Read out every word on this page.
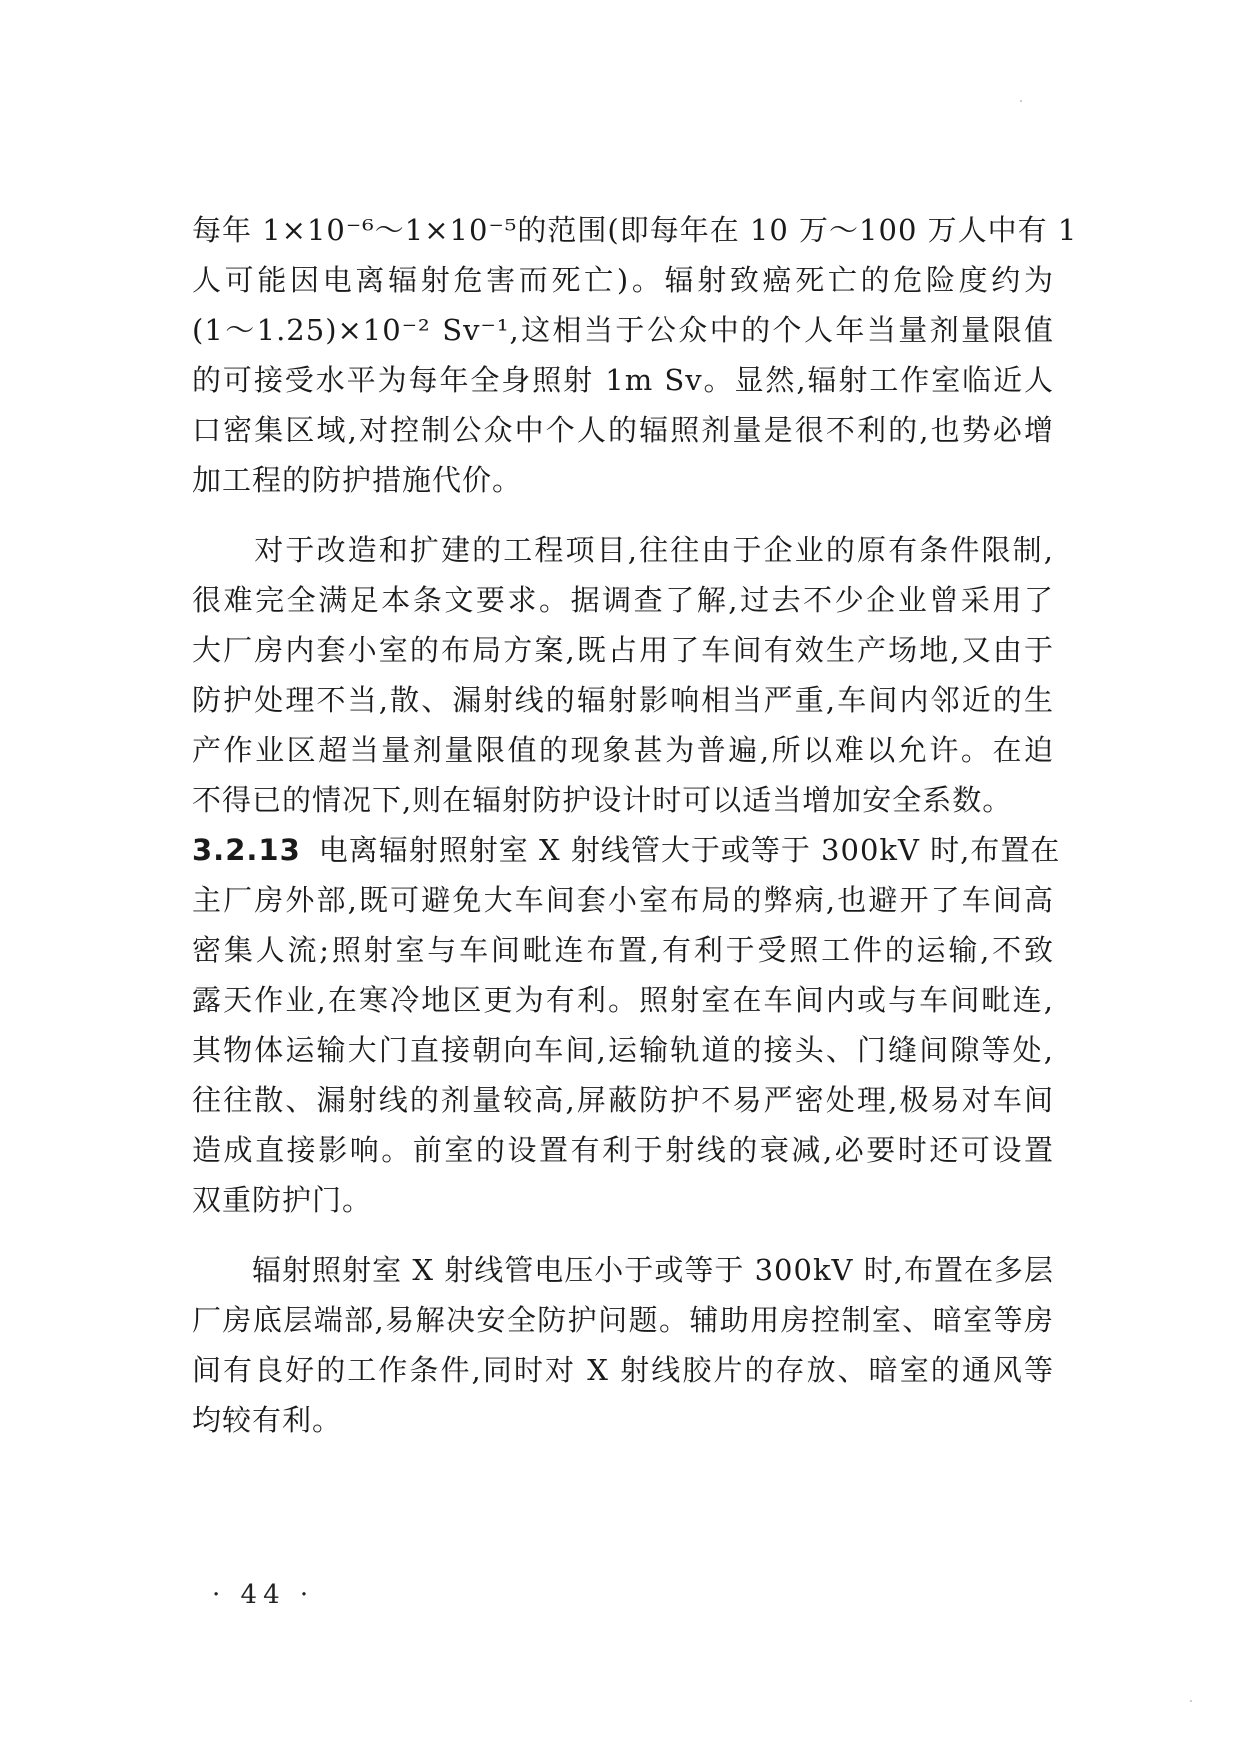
每年 1×10⁻⁶～1×10⁻⁵的范围(即每年在 10 万～100 万人中有 1
人可能因电离辐射危害而死亡)。辐射致癌死亡的危险度约为
(1～1.25)×10⁻² Sv⁻¹,这相当于公众中的个人年当量剂量限值
的可接受水平为每年全身照射 1m Sv。显然,辐射工作室临近人
口密集区域,对控制公众中个人的辐照剂量是很不利的,也势必增
加工程的防护措施代价。
　　对于改造和扩建的工程项目,往往由于企业的原有条件限制,
很难完全满足本条文要求。据调查了解,过去不少企业曾采用了
大厂房内套小室的布局方案,既占用了车间有效生产场地,又由于
防护处理不当,散、漏射线的辐射影响相当严重,车间内邻近的生
产作业区超当量剂量限值的现象甚为普遍,所以难以允许。在迫
不得已的情况下,则在辐射防护设计时可以适当增加安全系数。
3.2.13 电离辐射照射室 X 射线管大于或等于 300kV 时,布置在
主厂房外部,既可避免大车间套小室布局的弊病,也避开了车间高
密集人流;照射室与车间毗连布置,有利于受照工件的运输,不致
露天作业,在寒冷地区更为有利。照射室在车间内或与车间毗连,
其物体运输大门直接朝向车间,运输轨道的接头、门缝间隙等处,
往往散、漏射线的剂量较高,屏蔽防护不易严密处理,极易对车间
造成直接影响。前室的设置有利于射线的衰减,必要时还可设置
双重防护门。
　　辐射照射室 X 射线管电压小于或等于 300kV 时,布置在多层
厂房底层端部,易解决安全防护问题。辅助用房控制室、暗室等房
间有良好的工作条件,同时对 X 射线胶片的存放、暗室的通风等
均较有利。
· 44 ·
